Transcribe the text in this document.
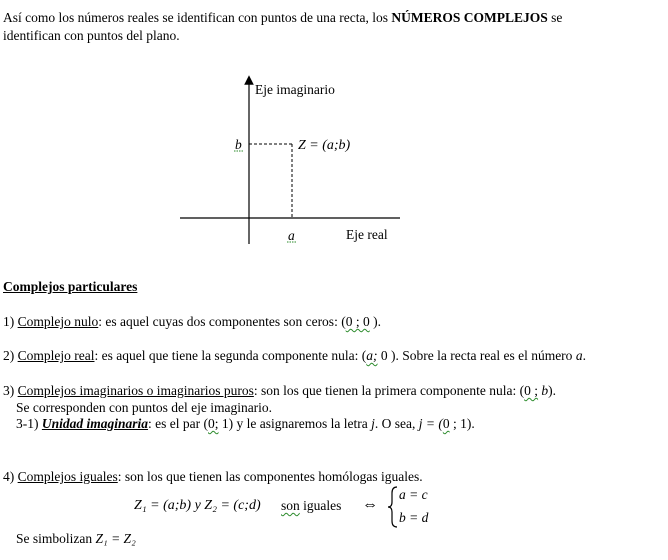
Así como los números reales se identifican con puntos de una recta, los NÚMEROS COMPLEJOS se
identifican con puntos del plano.
Eje imaginario
Eje real
b
a
Z = (a;b)
Complejos particulares
1) Complejo nulo: es aquel cuyas dos componentes son ceros: (0 ; 0 ).
2) Complejo real: es aquel que tiene la segunda componente nula: (a; 0 ). Sobre la recta real es el número a.
3) Complejos imaginarios o imaginarios puros: son los que tienen la primera componente nula: (0 ; b).
Se corresponden con puntos del eje imaginario.
3-1) Unidad imaginaria: es el par (0; 1) y le asignaremos la letra j. O sea, j = (0 ; 1).
4) Complejos iguales: son los que tienen las componentes homólogas iguales.
Z₁ = (a;b) y Z₂ = (c;d) son iguales ⇔
a = c
b = d
Se simbolizan Z₁ = Z₂
